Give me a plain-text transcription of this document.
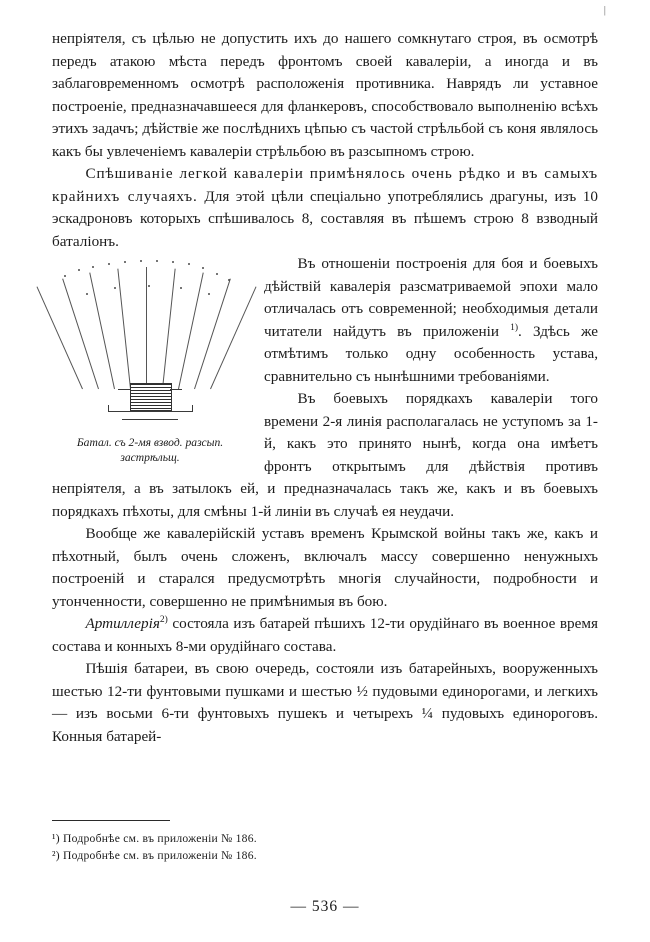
|

непріятеля, съ цѣлью не допустить ихъ до нашего сомкнутаго строя, въ осмотрѣ передъ атакою мѣста передъ фронтомъ своей кавалеріи, а иногда и въ заблаговременномъ осмотрѣ расположенія противника. Наврядъ ли уставное построеніе, предназначавшееся для фланкеровъ, способствовало выполненію всѣхъ этихъ задачъ; дѣйствіе же послѣднихъ цѣпью съ частой стрѣльбой съ коня являлось какъ бы увлеченіемъ кавалеріи стрѣльбою въ разсыпномъ строю.

Спѣшиваніе легкой кавалеріи примѣнялось очень рѣдко и въ самыхъ крайнихъ случаяхъ. Для этой цѣли спеціально употреблялись драгуны, изъ 10 эскадроновъ которыхъ спѣшивалось 8, составляя въ пѣшемъ строю 8 взводный баталіонъ.

Батал. съ 2-мя взвод. разсып.
застрѣльщ.

Въ отношеніи построенія для боя и боевыхъ дѣйствій кавалерія разсматриваемой эпохи мало отличалась отъ современной; необходимыя детали читатели найдутъ въ приложеніи $^{1)}$. Здѣсь же отмѣтимъ только одну особенность устава, сравнительно съ нынѣшними требованіями.

Въ боевыхъ порядкахъ кавалеріи того времени 2-я линія располагалась не уступомъ за 1-й, какъ это принято нынѣ, когда она имѣетъ фронтъ открытымъ для дѣйствія противъ непріятеля, а въ затылокъ ей, и предназначалась такъ же, какъ и въ боевыхъ порядкахъ пѣхоты, для смѣны 1-й линіи въ случаѣ ея неудачи.

Вообще же кавалерійскій уставъ временъ Крымской войны такъ же, какъ и пѣхотный, былъ очень сложенъ, включалъ массу совершенно ненужныхъ построеній и старался предусмотрѣть многія случайности, подробности и утонченности, совершенно не примѣнимыя въ бою.

Артиллерія$^{2)}$ состояла изъ батарей пѣшихъ 12-ти орудійнаго въ военное время состава и конныхъ 8-ми орудійнаго состава.

Пѣшія батареи, въ свою очередь, состояли изъ батарейныхъ, вооруженныхъ шестью 12-ти фунтовыми пушками и шестью ½ пудовыми единорогами, и легкихъ — изъ восьми 6-ти фунтовыхъ пушекъ и четырехъ ¼ пудовыхъ единороговъ. Конныя батарей-

¹) Подробнѣе см. въ приложеніи № 186.
²) Подробнѣе см. въ приложеніи № 186.
— 536 —
